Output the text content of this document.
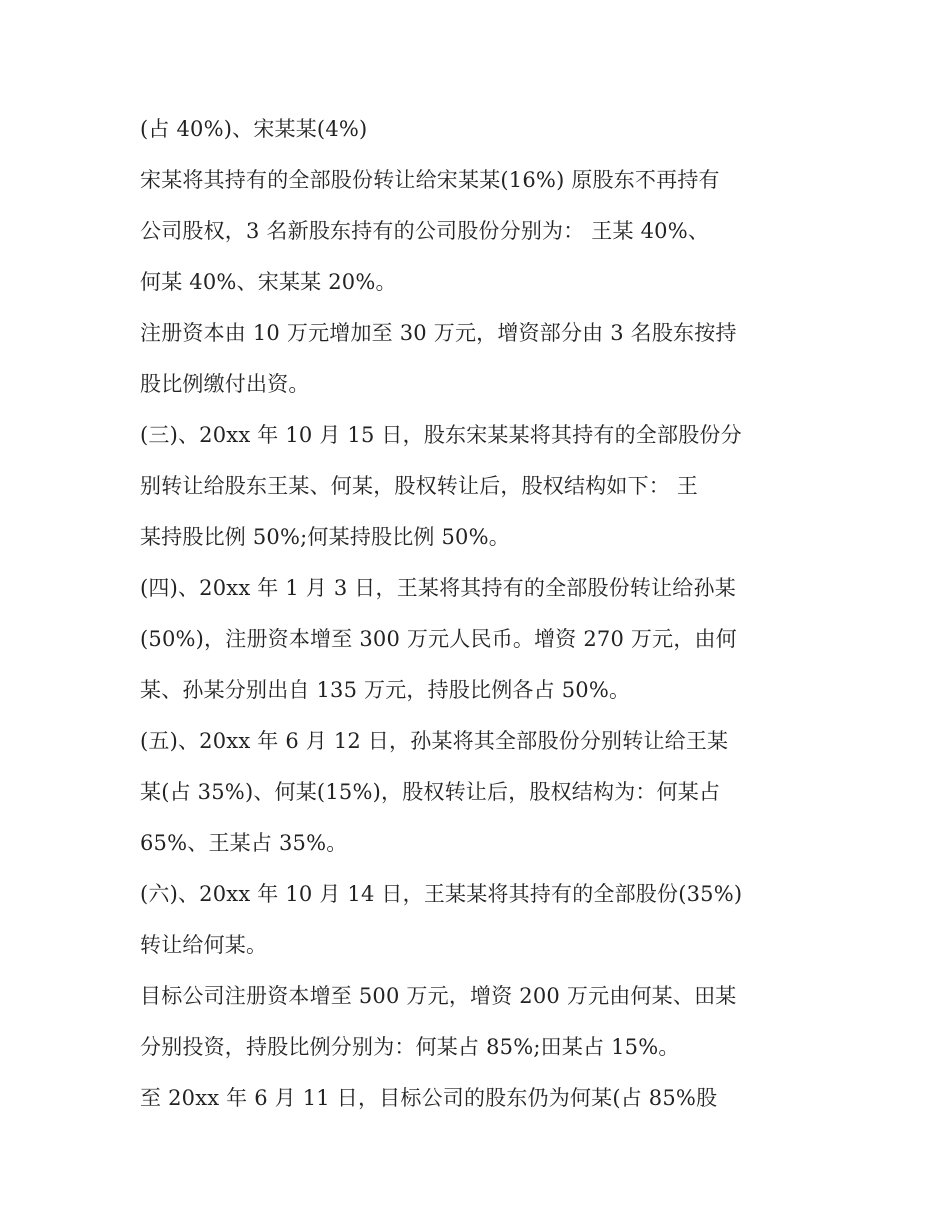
(占 40%)、宋某某(4%)
宋某将其持有的全部股份转让给宋某某(16%) 原股东不再持有
公司股权，3 名新股东持有的公司股份分别为： 王某 40%、
何某 40%、宋某某 20%。
注册资本由 10 万元增加至 30 万元，增资部分由 3 名股东按持
股比例缴付出资。
(三)、20xx 年 10 月 15 日，股东宋某某将其持有的全部股份分
别转让给股东王某、何某，股权转让后，股权结构如下： 王
某持股比例 50%;何某持股比例 50%。
(四)、20xx 年 1 月 3 日，王某将其持有的全部股份转让给孙某
(50%)，注册资本增至 300 万元人民币。增资 270 万元，由何
某、孙某分别出自 135 万元，持股比例各占 50%。
(五)、20xx 年 6 月 12 日，孙某将其全部股份分别转让给王某
某(占 35%)、何某(15%)，股权转让后，股权结构为：何某占
65%、王某占 35%。
(六)、20xx 年 10 月 14 日，王某某将其持有的全部股份(35%)
转让给何某。
目标公司注册资本增至 500 万元，增资 200 万元由何某、田某
分别投资，持股比例分别为：何某占 85%;田某占 15%。
至 20xx 年 6 月 11 日，目标公司的股东仍为何某(占 85%股
